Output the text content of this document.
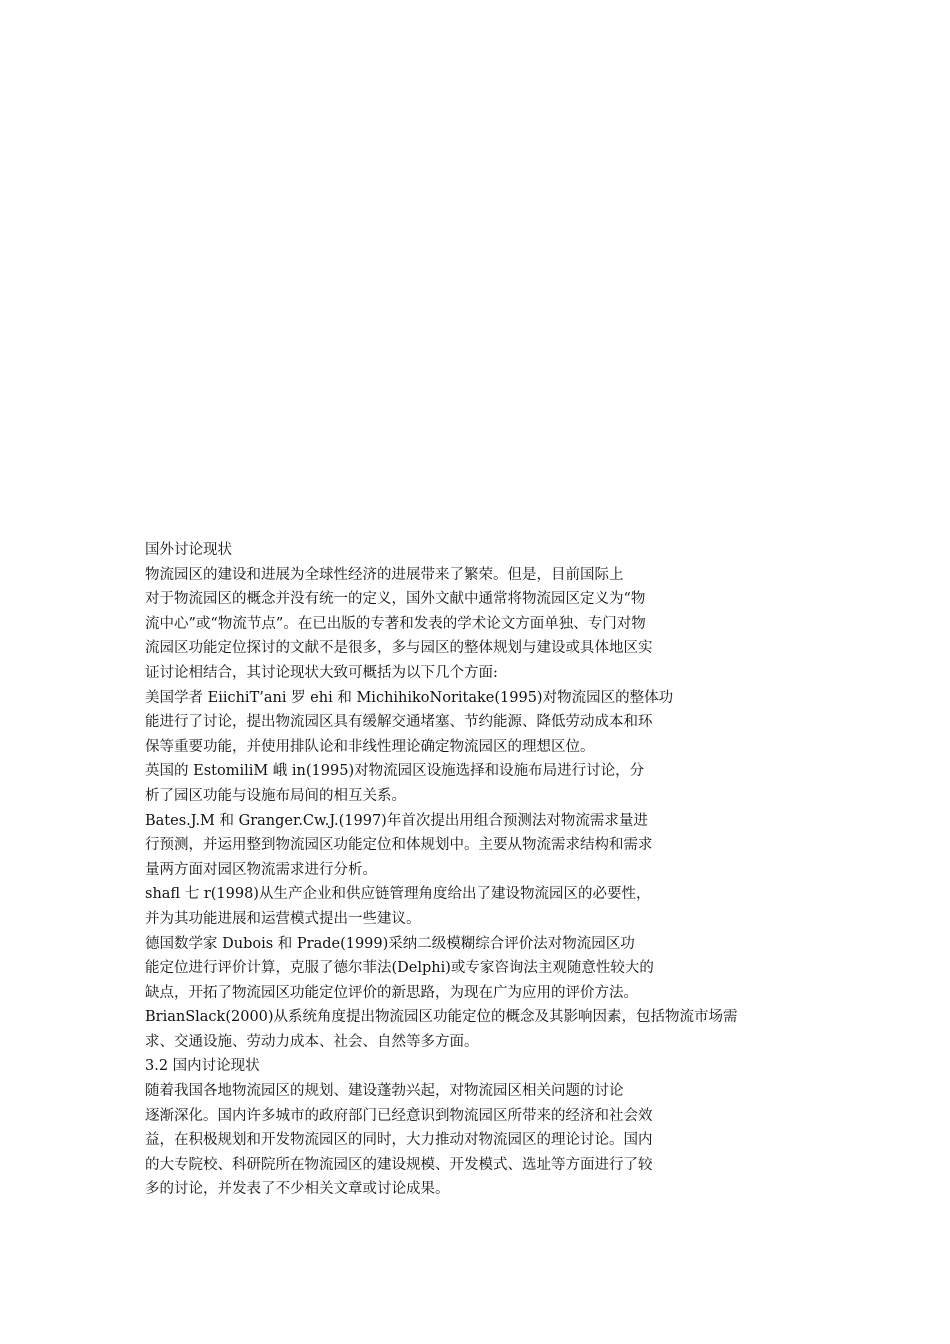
国外讨论现状
物流园区的建设和进展为全球性经济的进展带来了繁荣。但是，目前国际上
对于物流园区的概念并没有统一的定义，国外文献中通常将物流园区定义为“物
流中心”或“物流节点”。在已出版的专著和发表的学术论文方面单独、专门对物
流园区功能定位探讨的文献不是很多，多与园区的整体规划与建设或具体地区实
证讨论相结合，其讨论现状大致可概括为以下几个方面:
美国学者 EiichiT’ani 罗 ehi 和 MichihikoNoritake(1995)对物流园区的整体功
能进行了讨论，提出物流园区具有缓解交通堵塞、节约能源、降低劳动成本和环
保等重要功能，并使用排队论和非线性理论确定物流园区的理想区位。
英国的 EstomiliM 峨 in(1995)对物流园区设施选择和设施布局进行讨论，分
析了园区功能与设施布局间的相互关系。
Bates.J.M 和 Granger.Cw.J.(1997)年首次提出用组合预测法对物流需求量进
行预测，并运用整到物流园区功能定位和体规划中。主要从物流需求结构和需求
量两方面对园区物流需求进行分析。
shafl 七 r(1998)从生产企业和供应链管理角度给出了建设物流园区的必要性，
并为其功能进展和运营模式提出一些建议。
德国数学家 Dubois 和 Prade(1999)采纳二级模糊综合评价法对物流园区功
能定位进行评价计算，克服了德尔菲法(Delphi)或专家咨询法主观随意性较大的
缺点，开拓了物流园区功能定位评价的新思路，为现在广为应用的评价方法。
BrianSlack(2000)从系统角度提出物流园区功能定位的概念及其影响因素，包括物流市场需
求、交通设施、劳动力成本、社会、自然等多方面。
3.2 国内讨论现状
随着我国各地物流园区的规划、建设蓬勃兴起，对物流园区相关问题的讨论
逐渐深化。国内许多城市的政府部门已经意识到物流园区所带来的经济和社会效
益，在积极规划和开发物流园区的同时，大力推动对物流园区的理论讨论。国内
的大专院校、科研院所在物流园区的建设规模、开发模式、选址等方面进行了较
多的讨论，并发表了不少相关文章或讨论成果。
